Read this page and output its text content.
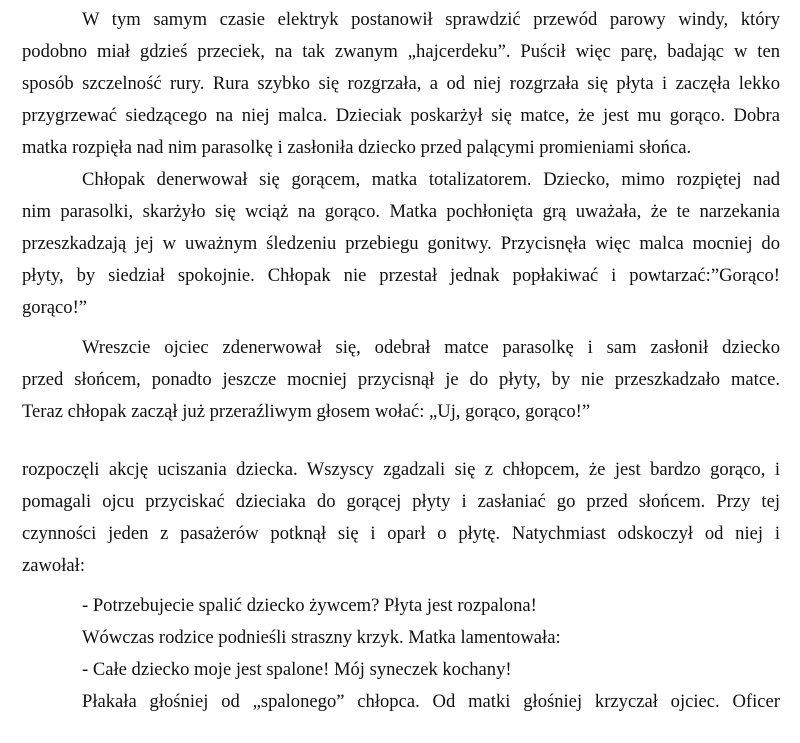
W tym samym czasie elektryk postanowił sprawdzić przewód parowy windy, który
podobno miał gdzieś przeciek, na tak zwanym „hajcerdeku”. Puścił więc parę, badając w ten
sposób szczelność rury. Rura szybko się rozgrzała, a od niej rozgrzała się płyta i zaczęła lekko
przygrzewać siedzącego na niej malca. Dzieciak poskarżył się matce, że jest mu gorąco. Dobra
matka rozpięła nad nim parasolkę i zasłoniła dziecko przed palącymi promieniami słońca.
Chłopak denerwował się gorącem, matka totalizatorem. Dziecko, mimo rozpiętej nad
nim parasolki, skarżyło się wciąż na gorąco. Matka pochłonięta grą uważała, że te narzekania
przeszkadzają jej w uważnym śledzeniu przebiegu gonitwy. Przycisnęła więc malca mocniej do
płyty, by siedział spokojnie. Chłopak nie przestał jednak popłakiwać i powtarzać:”Gorąco!
gorąco!”
Wreszcie ojciec zdenerwował się, odebrał matce parasolkę i sam zasłonił dziecko
przed słońcem, ponadto jeszcze mocniej przycisnął je do płyty, by nie przeszkadzało matce.
Teraz chłopak zaczął już przeraźliwym głosem wołać: „Uj, gorąco, gorąco!”
rozpoczęli akcję uciszania dziecka. Wszyscy zgadzali się z chłopcem, że jest bardzo gorąco, i
pomagali ojcu przyciskać dzieciaka do gorącej płyty i zasłaniać go przed słońcem. Przy tej
czynności jeden z pasażerów potknął się i oparł o płytę. Natychmiast odskoczył od niej i
zawołał:
- Potrzebujecie spalić dziecko żywcem? Płyta jest rozpalona!
Wówczas rodzice podnieśli straszny krzyk. Matka lamentowała:
- Całe dziecko moje jest spalone! Mój syneczek kochany!
Płakała głośniej od „spalonego” chłopca. Od matki głośniej krzyczał ojciec. Oficer
